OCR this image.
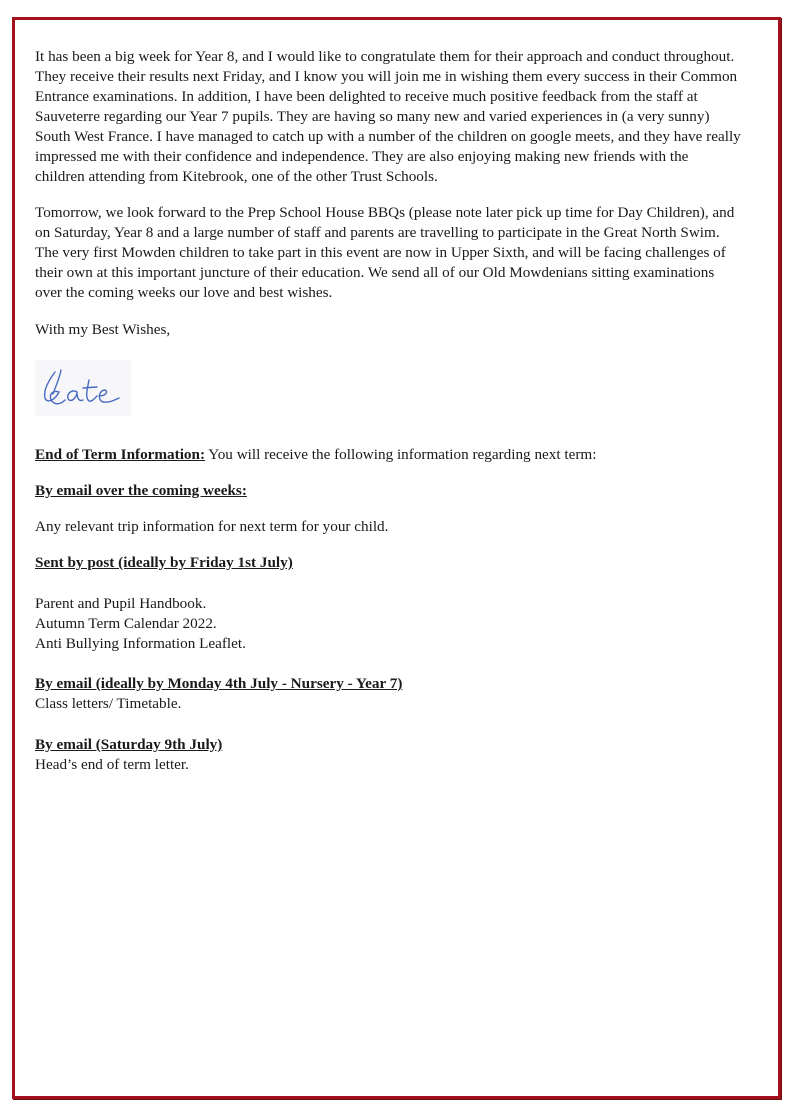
It has been a big week for Year 8, and I would like to congratulate them for their approach and conduct throughout.
They receive their results next Friday, and I know you will join me in wishing them every success in their Common
Entrance examinations. In addition, I have been delighted to receive much positive feedback from the staff at
Sauveterre regarding our Year 7 pupils. They are having so many new and varied experiences in (a very sunny)
South West France. I have managed to catch up with a number of the children on google meets, and they have really
impressed me with their confidence and independence. They are also enjoying making new friends with the
children attending from Kitebrook, one of the other Trust Schools.
Tomorrow, we look forward to the Prep School House BBQs (please note later pick up time for Day Children), and
on Saturday, Year 8 and a large number of staff and parents are travelling to participate in the Great North Swim.
The very first Mowden children to take part in this event are now in Upper Sixth, and will be facing challenges of
their own at this important juncture of their education. We send all of our Old Mowdenians sitting examinations
over the coming weeks our love and best wishes.
With my Best Wishes,
End of Term Information: You will receive the following information regarding next term:
By email over the coming weeks:
Any relevant trip information for next term for your child.
Sent by post (ideally by Friday 1st July)
Parent and Pupil Handbook.
Autumn Term Calendar 2022.
Anti Bullying Information Leaflet.
By email (ideally by Monday 4th July - Nursery - Year 7)
Class letters/ Timetable.
By email (Saturday 9th July)
Head’s end of term letter.
